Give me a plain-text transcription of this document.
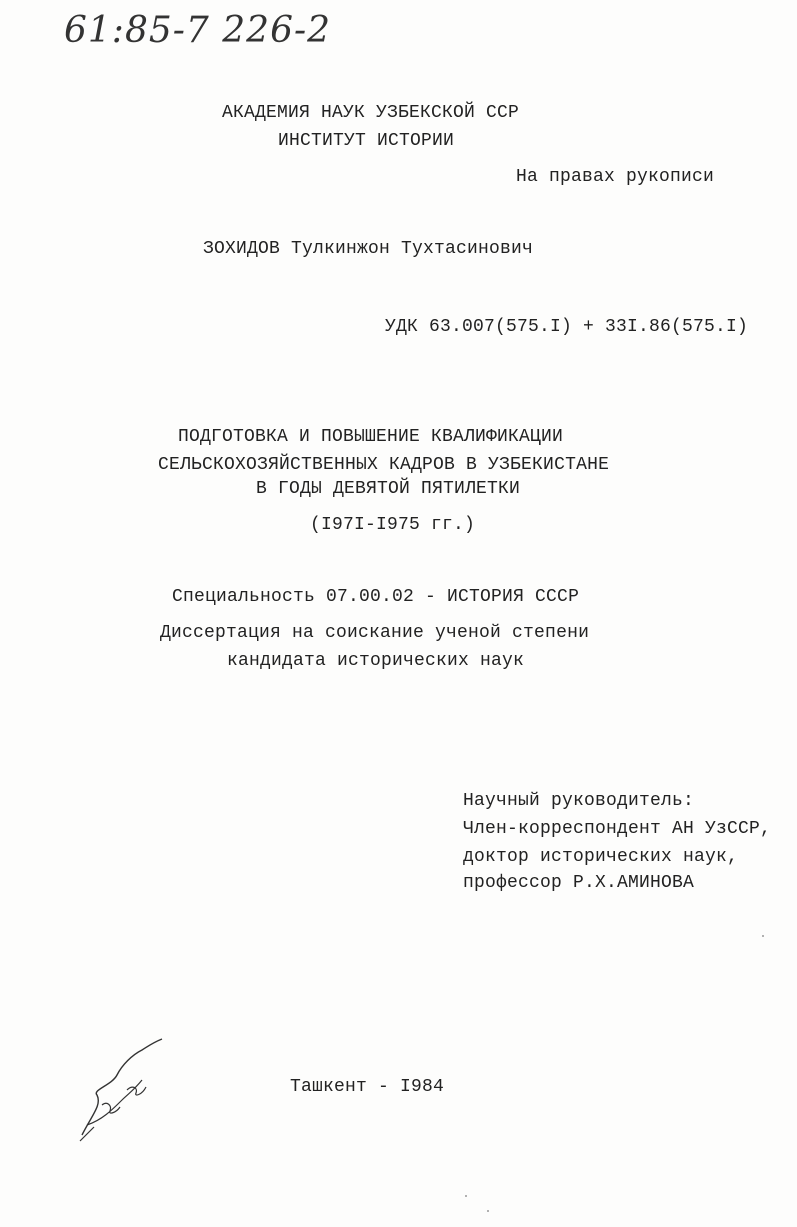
61:85-7 226-2
АКАДЕМИЯ НАУК УЗБЕКСКОЙ ССР
ИНСТИТУТ ИСТОРИИ
На правах рукописи
ЗОХИДОВ Тулкинжон Тухтасинович
УДК 63.007(575.I) + 33I.86(575.I)
ПОДГОТОВКА И ПОВЫШЕНИЕ КВАЛИФИКАЦИИ
СЕЛЬСКОХОЗЯЙСТВЕННЫХ КАДРОВ В УЗБЕКИСТАНЕ
В ГОДЫ ДЕВЯТОЙ ПЯТИЛЕТКИ
(I97I-I975 гг.)
Специальность 07.00.02 - ИСТОРИЯ СССР
Диссертация на соискание ученой степени
кандидата исторических наук
Научный руководитель:
Член-корреспондент АН УзССР,
доктор исторических наук,
профессор Р.Х.АМИНОВА
Ташкент - I984
